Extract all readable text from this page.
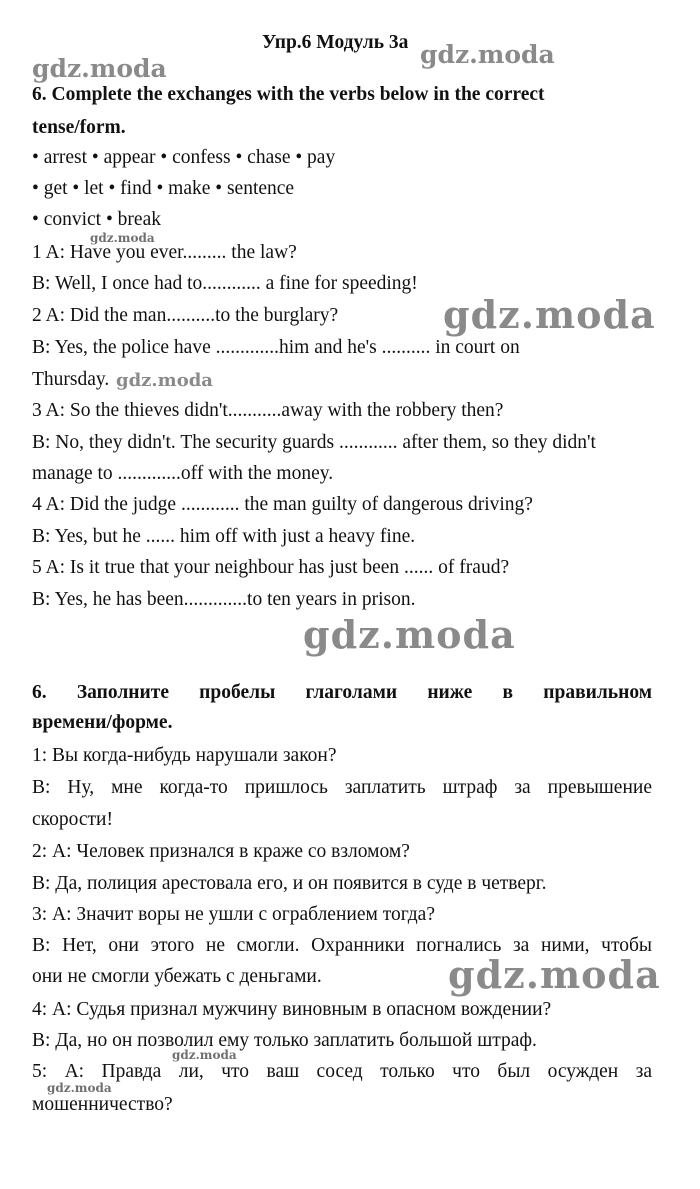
Упр.6 Модуль 3а
6. Complete the exchanges with the verbs below in the correct
tense/form.
• arrest • appear • confess • chase • pay
• get • let • find • make • sentence
• convict • break
1 A: Have you ever......... the law?
B: Well, I once had to............ a fine for speeding!
2 A: Did the man..........to the burglary?
B: Yes, the police have .............him and he's .......... in court on
Thursday.
3 A: So the thieves didn't...........away with the robbery then?
B: No, they didn't. The security guards ............ after them, so they didn't
manage to .............off with the money.
4 A: Did the judge ............ the man guilty of dangerous driving?
B: Yes, but he ...... him off with just a heavy fine.
5 A: Is it true that your neighbour has just been ...... of fraud?
B: Yes, he has been.............to ten years in prison.
6. Заполните пробелы глаголами ниже в правильном
времени/форме.
1: Вы когда-нибудь нарушали закон?
В: Ну, мне когда-то пришлось заплатить штраф за превышение
скорости!
2: А: Человек признался в краже со взломом?
В: Да, полиция арестовала его, и он появится в суде в четверг.
3: А: Значит воры не ушли с ограблением тогда?
В: Нет, они этого не смогли. Охранники погнались за ними, чтобы
они не смогли убежать с деньгами.
4: А: Судья признал мужчину виновным в опасном вождении?
В: Да, но он позволил ему только заплатить большой штраф.
5: А: Правда ли, что ваш сосед только что был осужден за
мошенничество?
gdz.moda	gdz.moda
gdz.moda
gdz.moda
gdz.moda
gdz.moda
gdz.moda
gdz.moda
gdz.moda
